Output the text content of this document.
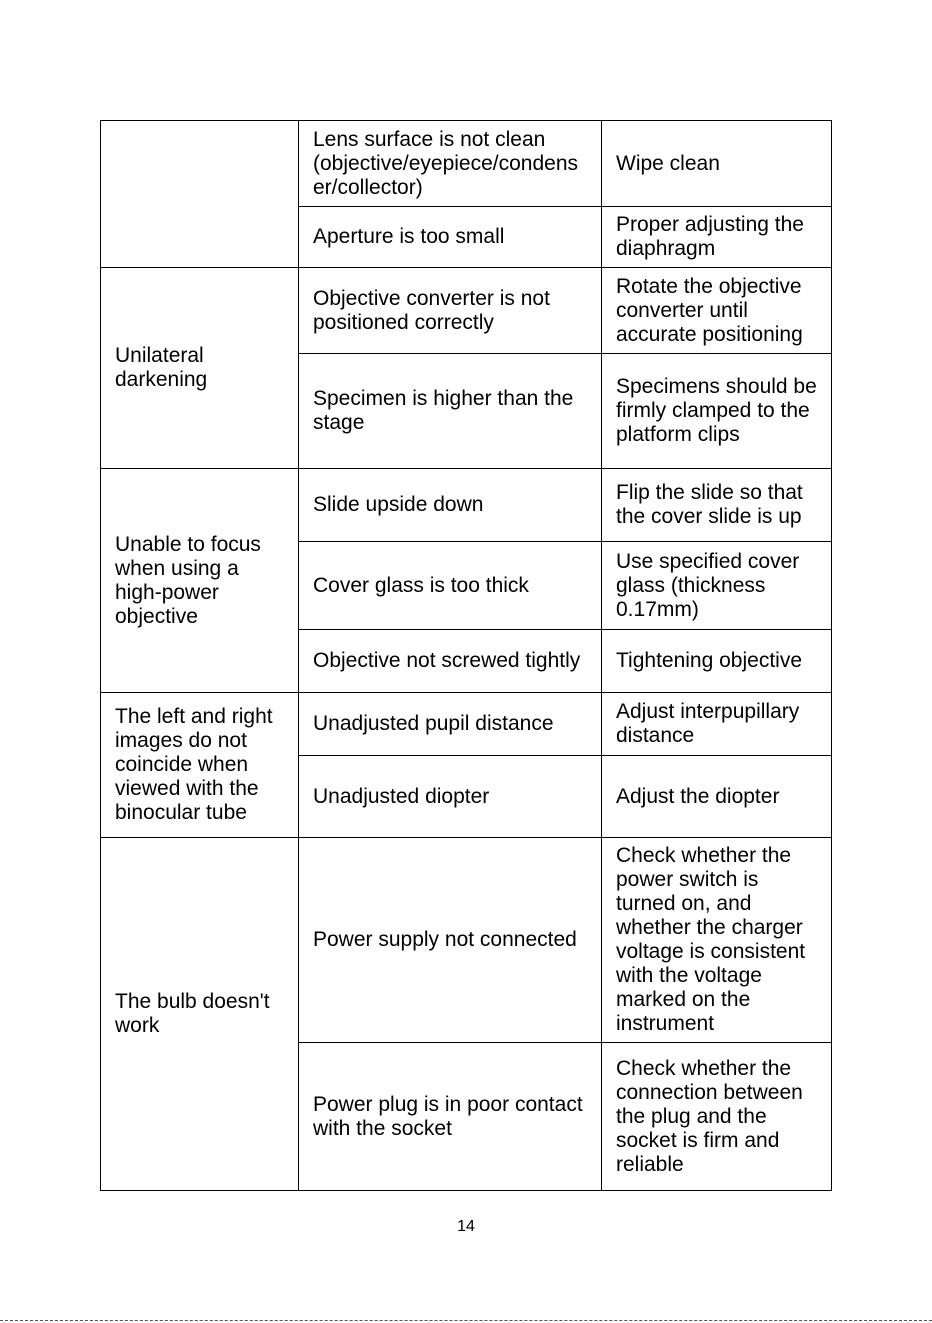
	Lens surface is not clean (objective/eyepiece/condens er/collector)	Wipe clean
	Aperture is too small	Proper adjusting the diaphragm
Unilateral darkening	Objective converter is not positioned correctly	Rotate the objective converter until accurate positioning
	Specimen is higher than the stage	Specimens should be firmly clamped to the platform clips
Unable to focus when using a high-power objective	Slide upside down	Flip the slide so that the cover slide is up
	Cover glass is too thick	Use specified cover glass (thickness 0.17mm)
	Objective not screwed tightly	Tightening objective
The left and right images do not coincide when viewed with the binocular tube	Unadjusted pupil distance	Adjust interpupillary distance
	Unadjusted diopter	Adjust the diopter
The bulb doesn't work	Power supply not connected	Check whether the power switch is turned on, and whether the charger voltage is consistent with the voltage marked on the instrument
	Power plug is in poor contact with the socket	Check whether the connection between the plug and the socket is firm and reliable
14
